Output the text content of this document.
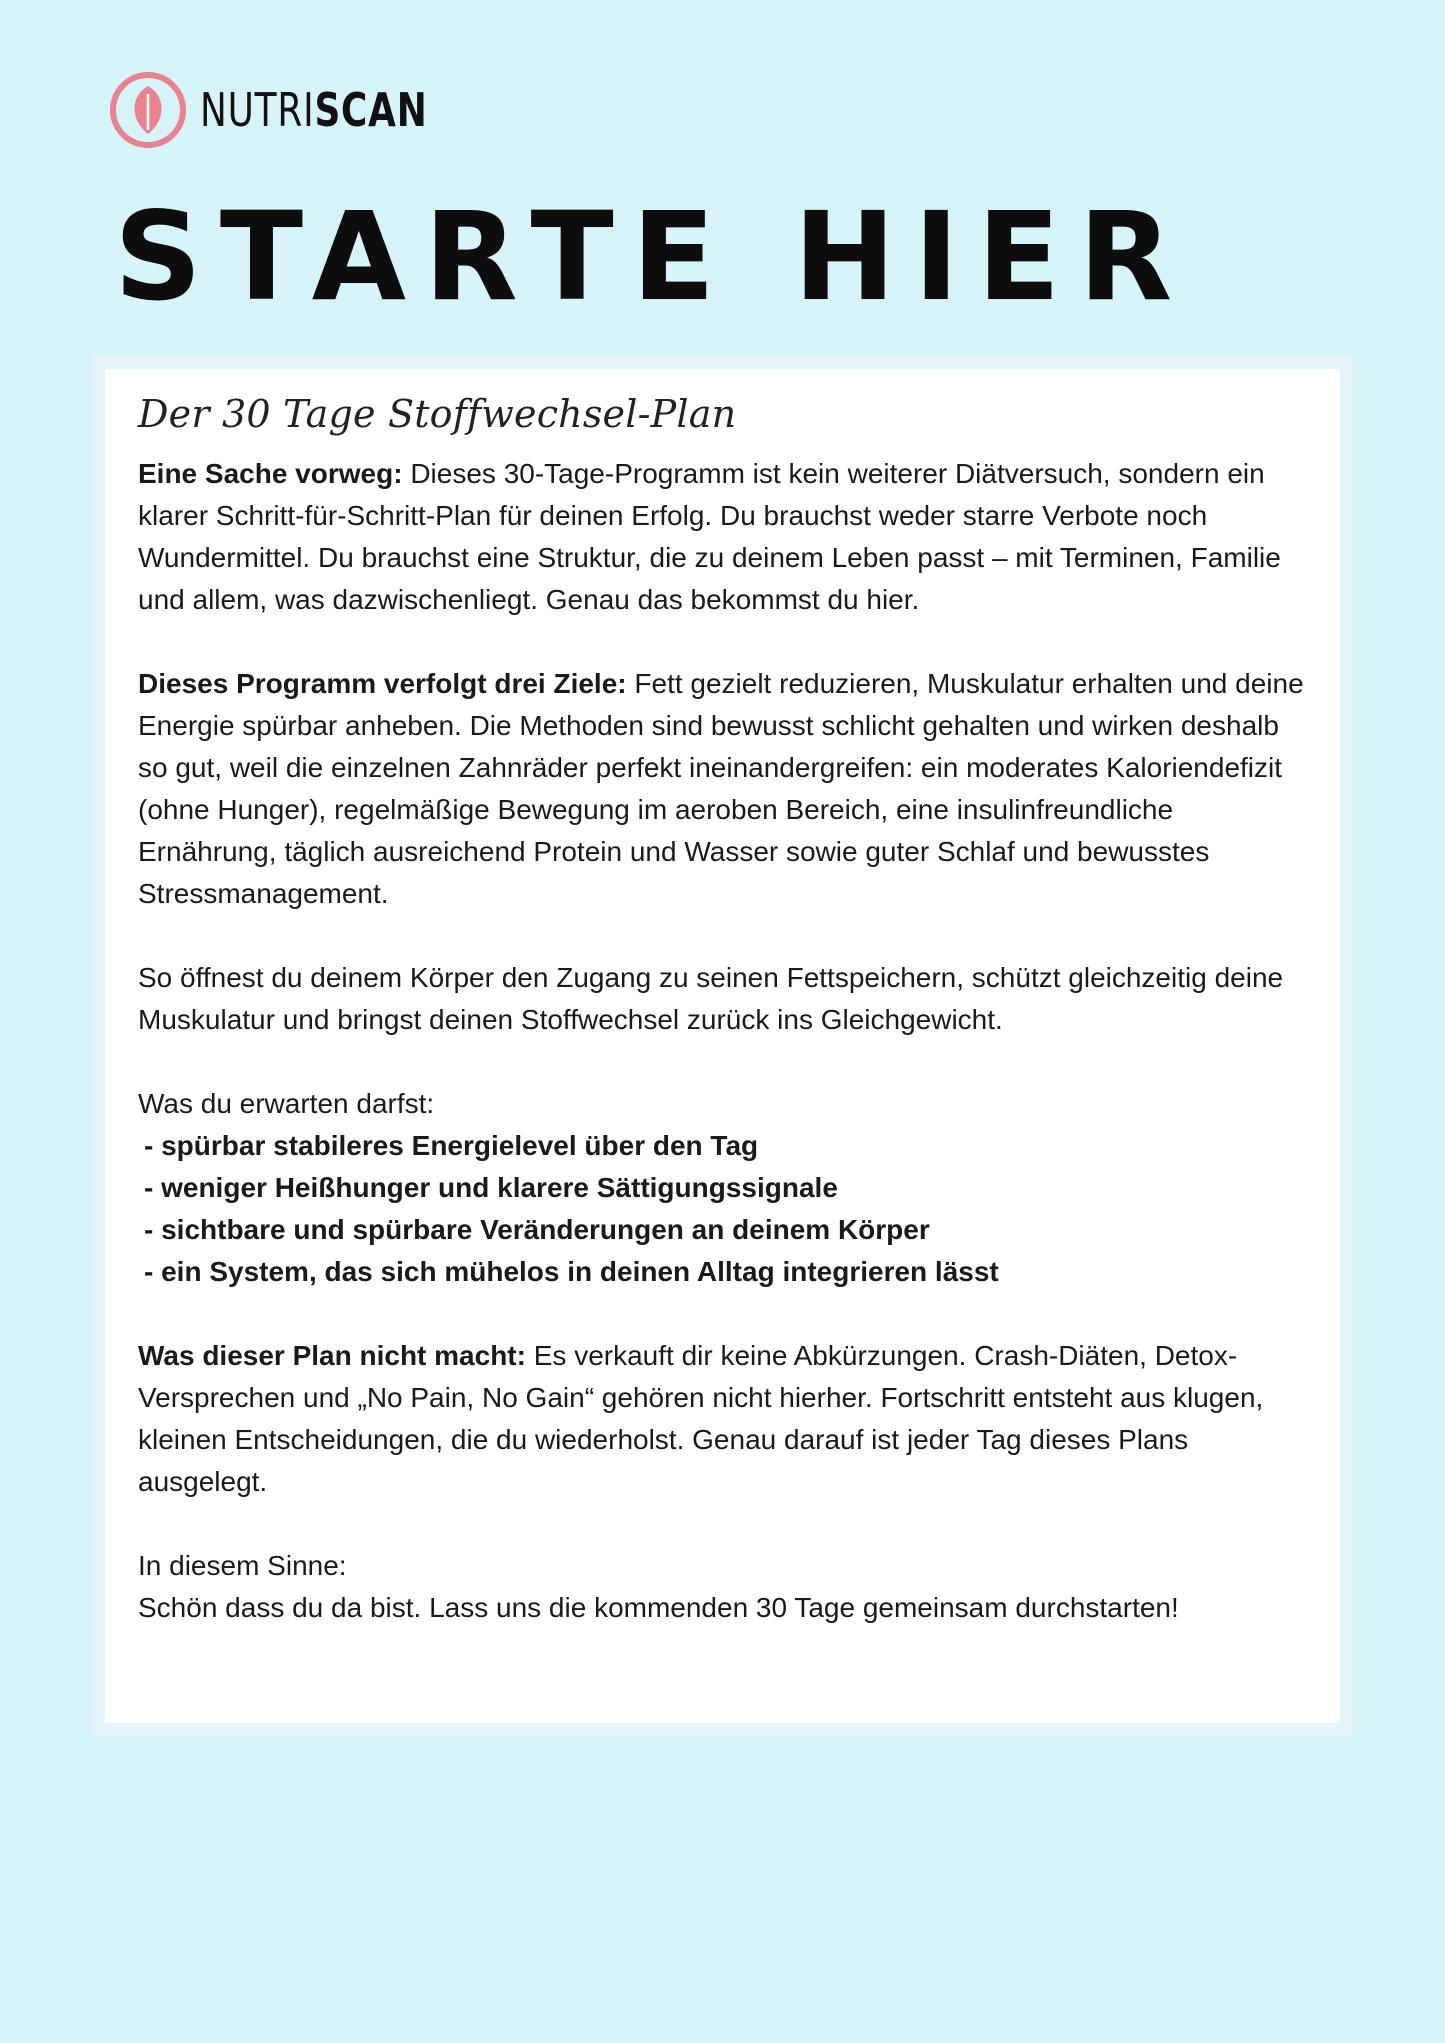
NUTRISCAN
STARTE HIER
Der 30 Tage Stoffwechsel-Plan

Eine Sache vorweg: Dieses 30-Tage-Programm ist kein weiterer Diätversuch, sondern ein klarer Schritt-für-Schritt-Plan für deinen Erfolg. Du brauchst weder starre Verbote noch Wundermittel. Du brauchst eine Struktur, die zu deinem Leben passt – mit Terminen, Familie und allem, was dazwischenliegt. Genau das bekommst du hier.

Dieses Programm verfolgt drei Ziele: Fett gezielt reduzieren, Muskulatur erhalten und deine Energie spürbar anheben. Die Methoden sind bewusst schlicht gehalten und wirken deshalb so gut, weil die einzelnen Zahnräder perfekt ineinandergreifen: ein moderates Kaloriendefizit (ohne Hunger), regelmäßige Bewegung im aeroben Bereich, eine insulinfreundliche Ernährung, täglich ausreichend Protein und Wasser sowie guter Schlaf und bewusstes Stressmanagement.

So öffnest du deinem Körper den Zugang zu seinen Fettspeichern, schützt gleichzeitig deine Muskulatur und bringst deinen Stoffwechsel zurück ins Gleichgewicht.

Was du erwarten darfst:

- spürbar stabileres Energielevel über den Tag
- weniger Heißhunger und klarere Sättigungssignale
- sichtbare und spürbare Veränderungen an deinem Körper
- ein System, das sich mühelos in deinen Alltag integrieren lässt

Was dieser Plan nicht macht: Es verkauft dir keine Abkürzungen. Crash-Diäten, Detox-Versprechen und „No Pain, No Gain“ gehören nicht hierher. Fortschritt entsteht aus klugen, kleinen Entscheidungen, die du wiederholst. Genau darauf ist jeder Tag dieses Plans ausgelegt.

In diesem Sinne:

Schön dass du da bist. Lass uns die kommenden 30 Tage gemeinsam durchstarten!
